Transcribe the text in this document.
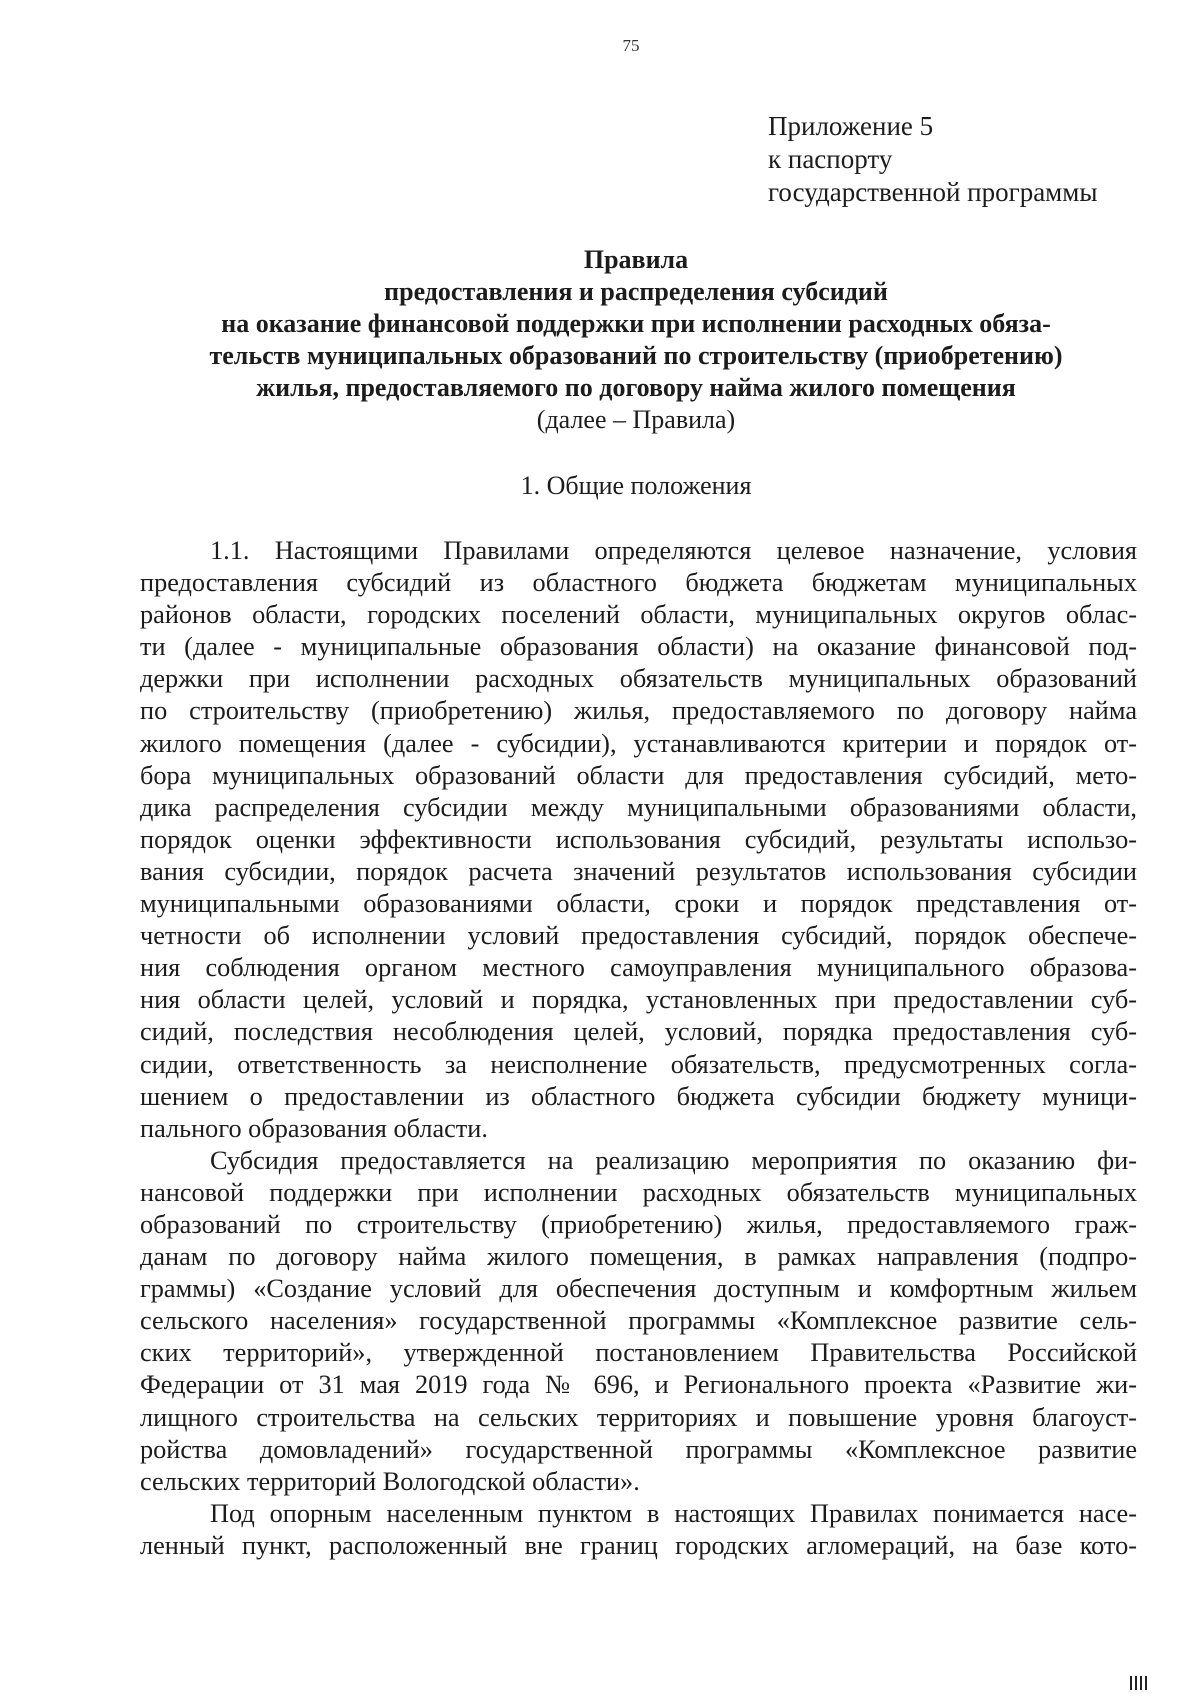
75
Приложение 5
к паспорту
государственной программы
Правила
предоставления и распределения субсидий
на оказание финансовой поддержки при исполнении расходных обяза-
тельств муниципальных образований по строительству (приобретению)
жилья, предоставляемого по договору найма жилого помещения
(далее – Правила)
1. Общие положения
1.1. Настоящими Правилами определяются целевое назначение, условия
предоставления субсидий из областного бюджета бюджетам муниципальных
районов области, городских поселений области, муниципальных округов облас-
ти (далее - муниципальные образования области) на оказание финансовой под-
держки при исполнении расходных обязательств муниципальных образований
по строительству (приобретению) жилья, предоставляемого по договору найма
жилого помещения (далее - субсидии), устанавливаются критерии и порядок от-
бора муниципальных образований области для предоставления субсидий, мето-
дика распределения субсидии между муниципальными образованиями области,
порядок оценки эффективности использования субсидий, результаты использо-
вания субсидии, порядок расчета значений результатов использования субсидии
муниципальными образованиями области, сроки и порядок представления от-
четности об исполнении условий предоставления субсидий, порядок обеспече-
ния соблюдения органом местного самоуправления муниципального образова-
ния области целей, условий и порядка, установленных при предоставлении суб-
сидий, последствия несоблюдения целей, условий, порядка предоставления суб-
сидии, ответственность за неисполнение обязательств, предусмотренных согла-
шением о предоставлении из областного бюджета субсидии бюджету муници-
пального образования области.
Субсидия предоставляется на реализацию мероприятия по оказанию фи-
нансовой поддержки при исполнении расходных обязательств муниципальных
образований по строительству (приобретению) жилья, предоставляемого граж-
данам по договору найма жилого помещения, в рамках направления (подпро-
граммы) «Создание условий для обеспечения доступным и комфортным жильем
сельского населения» государственной программы «Комплексное развитие сель-
ских территорий», утвержденной постановлением Правительства Российской
Федерации от 31 мая 2019 года № 696, и Регионального проекта «Развитие жи-
лищного строительства на сельских территориях и повышение уровня благоуст-
ройства домовладений» государственной программы «Комплексное развитие
сельских территорий Вологодской области».
Под опорным населенным пунктом в настоящих Правилах понимается насе-
ленный пункт, расположенный вне границ городских агломераций, на базе кото-
